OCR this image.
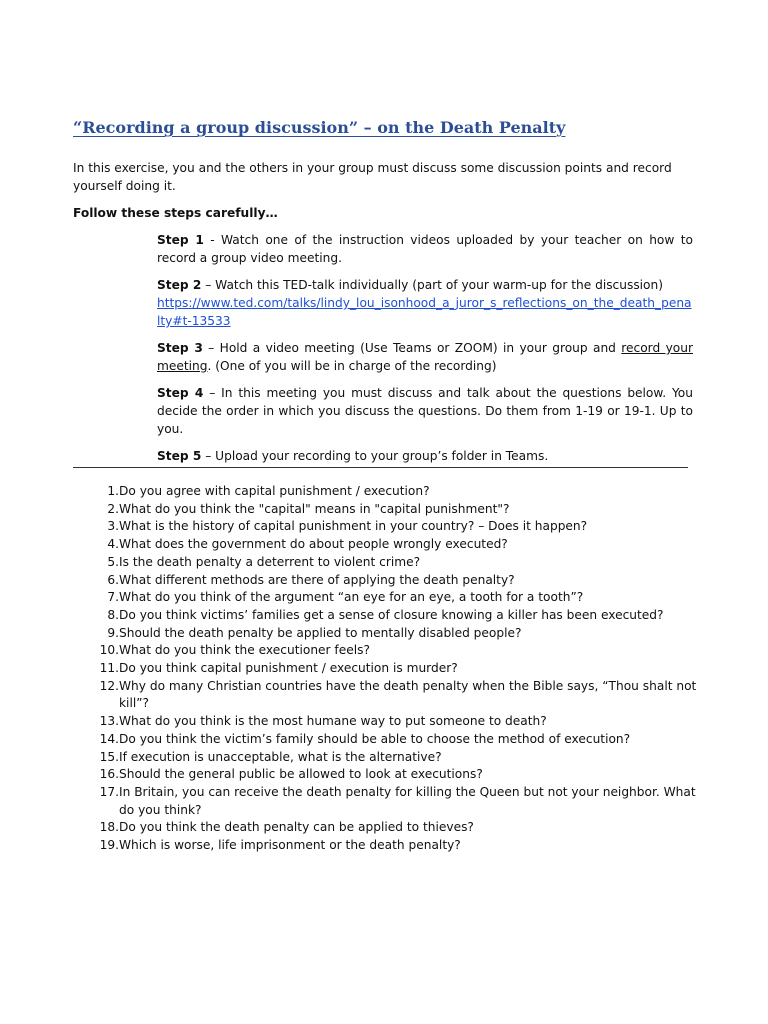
“Recording a group discussion” – on the Death Penalty

In this exercise, you and the others in your group must discuss some discussion points and record yourself doing it.

Follow these steps carefully…

Step 1 - Watch one of the instruction videos uploaded by your teacher on how to record a group video meeting.

Step 2 – Watch this TED-talk individually (part of your warm-up for the discussion)
https://www.ted.com/talks/lindy_lou_isonhood_a_juror_s_reflections_on_the_death_penalty#t-13533

Step 3 – Hold a video meeting (Use Teams or ZOOM) in your group and record your meeting. (One of you will be in charge of the recording)

Step 4 – In this meeting you must discuss and talk about the questions below. You decide the order in which you discuss the questions. Do them from 1-19 or 19-1. Up to you.

Step 5 – Upload your recording to your group’s folder in Teams.

1. Do you agree with capital punishment / execution?
2. What do you think the "capital" means in "capital punishment"?
3. What is the history of capital punishment in your country? – Does it happen?
4. What does the government do about people wrongly executed?
5. Is the death penalty a deterrent to violent crime?
6. What different methods are there of applying the death penalty?
7. What do you think of the argument “an eye for an eye, a tooth for a tooth”?
8. Do you think victims’ families get a sense of closure knowing a killer has been executed?
9. Should the death penalty be applied to mentally disabled people?
10. What do you think the executioner feels?
11. Do you think capital punishment / execution is murder?
12. Why do many Christian countries have the death penalty when the Bible says, “Thou shalt not kill”?
13. What do you think is the most humane way to put someone to death?
14. Do you think the victim’s family should be able to choose the method of execution?
15. If execution is unacceptable, what is the alternative?
16. Should the general public be allowed to look at executions?
17. In Britain, you can receive the death penalty for killing the Queen but not your neighbor. What do you think?
18. Do you think the death penalty can be applied to thieves?
19. Which is worse, life imprisonment or the death penalty?
